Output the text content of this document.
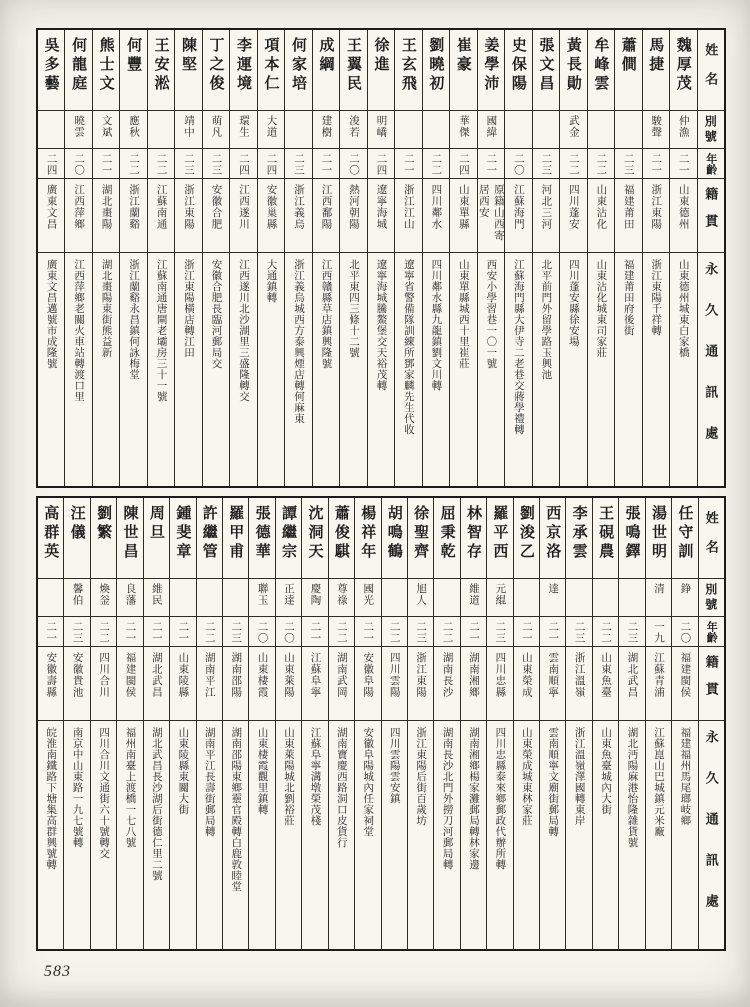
姓名
別號
年齡
籍貫
永久通訊處
魏厚茂
仲漁
二一
山東德州
山東德州城東白家橋
馬捷
駿聲
二一
浙江東陽
浙江東陽千祥轉
蕭僴
二三
福建莆田
福建莆田府後街
牟峰雲
二二
山東沾化
山東沾化城東司家莊
黃長勛
武金
二二
四川蓬安
四川蓬安縣徐安場
張文昌
二三
河北三河
北平前門外留學路玉興池
史保陽
二〇
江蘇海門
江蘇海門縣大伊寺二老巷交蔣學禮轉
姜學沛
國緯
二一
原籍山西寄居西安
西安小學習巷一〇一號
崔豪
華傑
二四
山東單縣
山東單縣城西十里崔莊
劉曉初
二二
四川鄰水
四川鄰水縣九龍鎮劉文川轉
王玄飛
二一
浙江江山
遼寧省警備隊訓練所鄧家麟先生代收
徐進
明嶠
二四
遼寧海城
遼寧海城騰鰲堡交天裕茂轉
王翼民
浚若
二〇
熱河朝陽
北平東四三條十二號
成綱
建樹
二一
江西鄱陽
江西贛縣草店鎮興隆號
何家培
二三
浙江義烏
浙江義烏城西方泰興煙店轉何麻東
項本仁
大道
二四
安徽巢縣
大通鎮轉
李運境
環生
二四
江西遂川
江西遂川北沙湖里三盛隆轉交
丁之俊
萌凡
二三
安徽合肥
安徽合肥長臨河郵局交
陳堅
靖中
二三
浙江東陽
浙江東陽橫店轉江田
王安淞
二二
江蘇南通
江蘇南通唐閘老壩房三十一號
何豐
應秋
二二
浙江蘭谿
浙江蘭谿永昌鎮何詠梅堂
熊士文
文斌
二一
湖北棗陽
湖北棗陽東街熊益新
何龍庭
曉雲
二〇
江西萍鄉
江西萍鄉老關火車站轉渡口里
吳多藝
二四
廣東文昌
廣東文昌邁號市成隆號
姓名
別號
年齡
籍貫
永久通訊處
任守訓
錚
二〇
福建閩侯
福建福州馬尾瑯岐鄉
湯世明
清
一九
江蘇青浦
江蘇崑山巴城鎮元米廠
張鳴鐸
二三
湖北武昌
湖北沔陽麻港怡隆雜貨號
王硯農
二二
山東魚臺
山東魚臺城內大街
李承雲
二三
浙江溫嶺
浙江溫嶺澤國轉東岸
西京洛
達
二一
雲南順寧
雲南順寧文廟街郵局轉
劉浚乙
二一
山東榮成
山東榮成城東林家莊
羅平西
元緄
二三
四川忠縣
四川忠縣泰來鄉郵政代辦所轉
林智存
維道
二一
湖南湘鄉
湖南湘鄉楊家灘郵局轉林家邊
屈秉乾
二二
湖南長沙
湖南長沙北門外撈刀河郵局轉
徐聖齊
旭人
二三
浙江東陽
浙江東陽后街百歲坊
胡鳴鶴
二二
四川雲陽
四川雲陽雲安鎮
楊祥年
國光
二一
安徽阜陽
安徽阜陽城內任家祠堂
蕭俊騏
尊祿
二二
湖南武岡
湖南寶慶西路洞口皮貨行
沈洞天
慶陶
二一
江蘇阜寧
江蘇阜寧溝墩榮茂棧
譚繼宗
正達
二〇
山東萊陽
山東萊陽城北劉裕莊
張德華
聯玉
二〇
山東棲霞
山東棲霞觀里鎮轉
羅甲甫
二三
湖南邵陽
湖南邵陽東鄉靈官殿轉白鹿敦睦堂
許繼管
二二
湖南平江
湖南平江長壽街郵局轉
鍾斐章
二一
山東陵縣
山東陵縣東關大街
周旦
維民
二一
湖北武昌
湖北武昌長沙湖后街德仁里二號
陳世昌
良藩
二一
福建閩侯
福州南臺上渡橋一七八號
劉繁
煥釡
二二
四川合川
四川合川文通街六十號轉交
汪儀
馨伯
二三
安徽貴池
南京中山東路一九七號轉
高群英
二一
安徽壽縣
皖淮南鐵路下塘集高群興號轉
583
